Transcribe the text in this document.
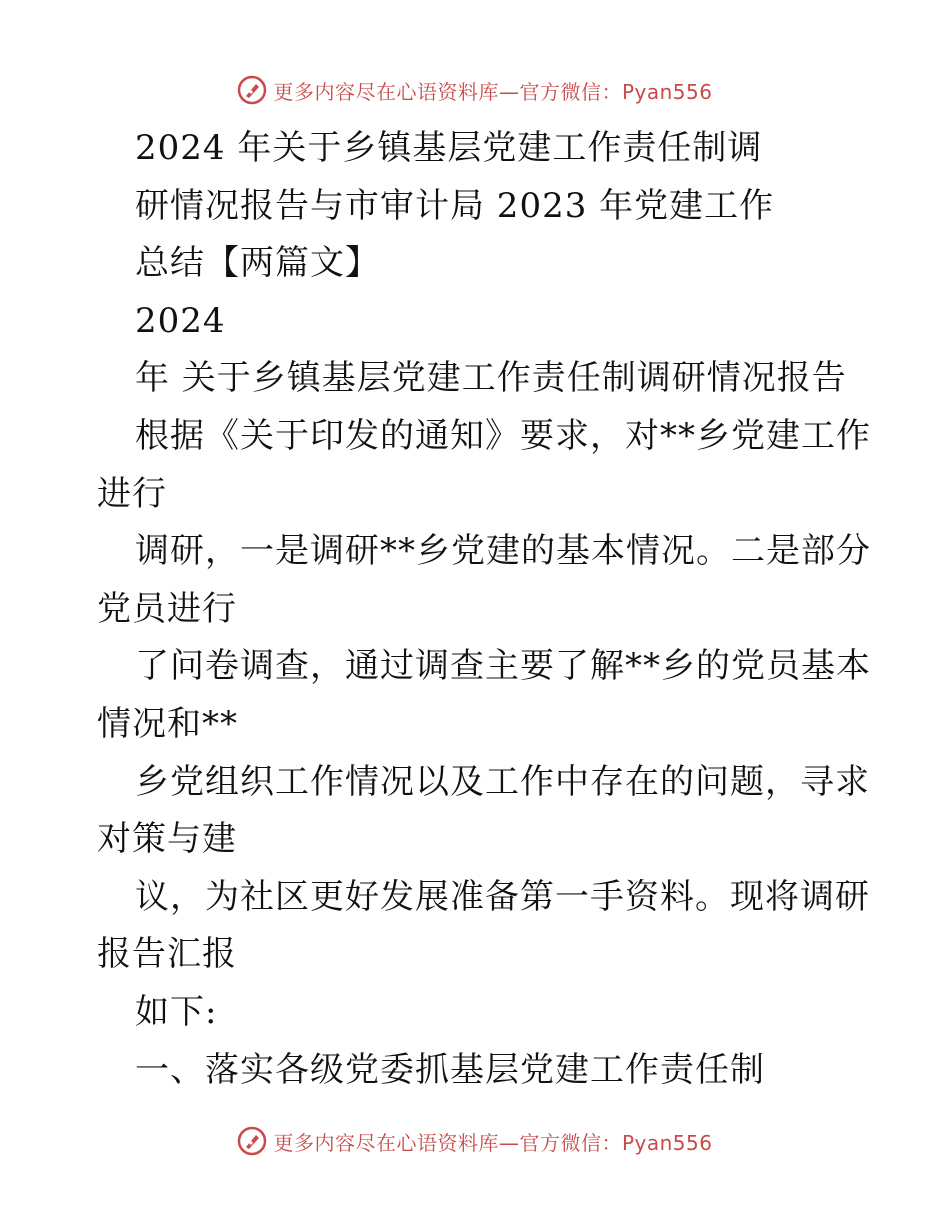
更多内容尽在心语资料库—官方微信：Pyan556
2024 年关于乡镇基层党建工作责任制调
研情况报告与市审计局 2023 年党建工作
总结【两篇文】
2024
年 关于乡镇基层党建工作责任制调研情况报告
根据《关于印发的通知》要求，对**乡党建工作
进行
调研，一是调研**乡党建的基本情况。二是部分
党员进行
了问卷调查，通过调查主要了解**乡的党员基本
情况和**
乡党组织工作情况以及工作中存在的问题，寻求
对策与建
议，为社区更好发展准备第一手资料。现将调研
报告汇报
如下:
一、落实各级党委抓基层党建工作责任制
更多内容尽在心语资料库—官方微信：Pyan556
